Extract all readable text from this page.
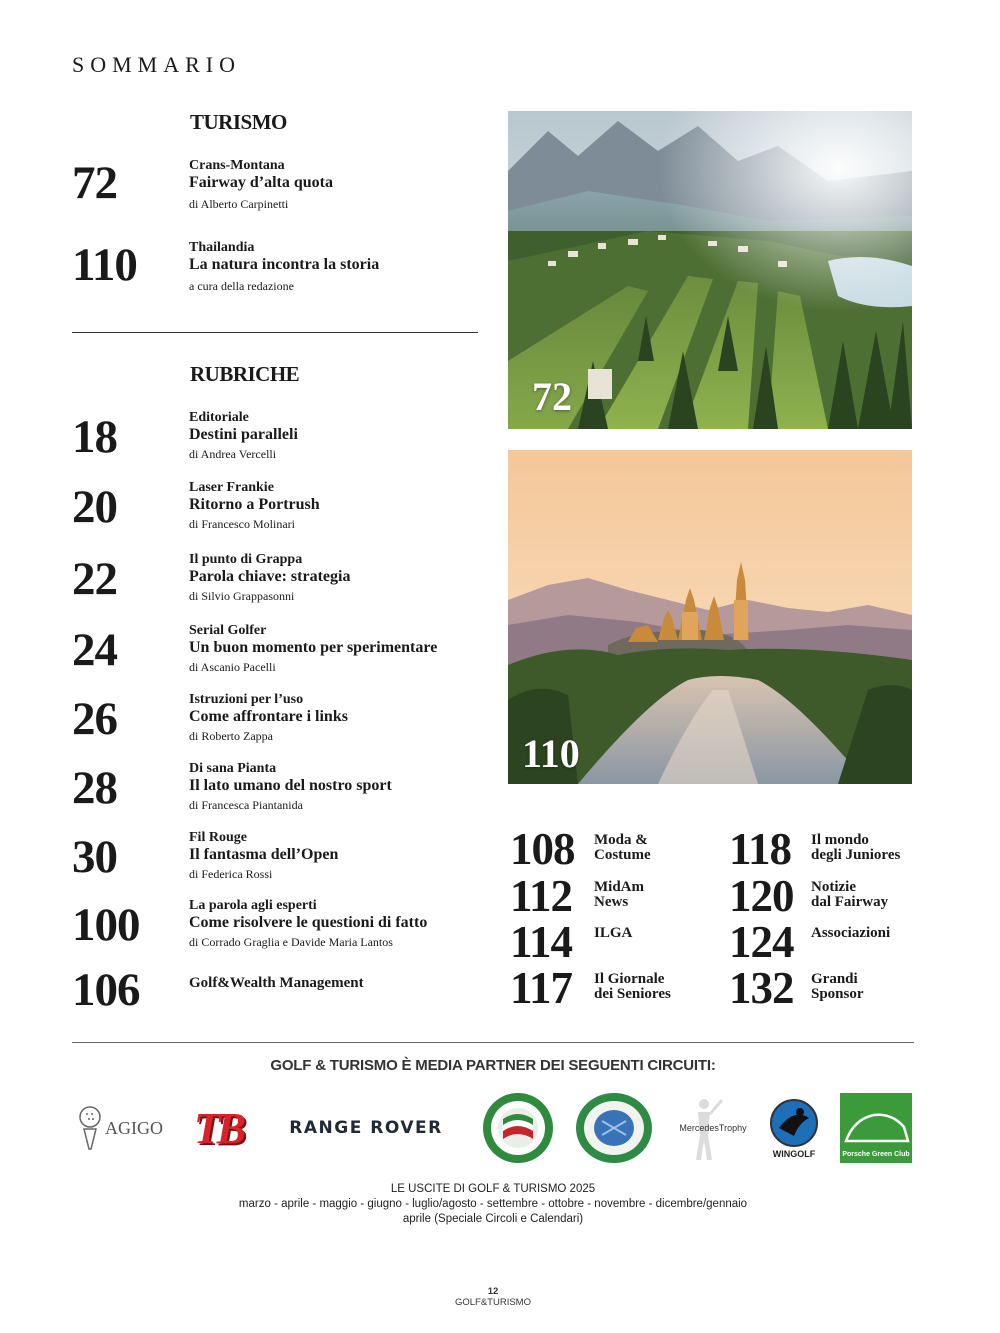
SOMMARIO
TURISMO
72	Crans-Montana
Fairway d’alta quota
di Alberto Carpinetti
110	Thailandia
La natura incontra la storia
a cura della redazione
RUBRICHE
18	Editoriale
Destini paralleli
di Andrea Vercelli
20	Laser Frankie
Ritorno a Portrush
di Francesco Molinari
22	Il punto di Grappa
Parola chiave: strategia
di Silvio Grappasonni
24	Serial Golfer
Un buon momento per sperimentare
di Ascanio Pacelli
26	Istruzioni per l’uso
Come affrontare i links
di Roberto Zappa
28	Di sana Pianta
Il lato umano del nostro sport
di Francesca Piantanida
30	Fil Rouge
Il fantasma dell’Open
di Federica Rossi
100	La parola agli esperti
Come risolvere le questioni di fatto
di Corrado Graglia e Davide Maria Lantos
106	Golf&Wealth Management
72
110
108 Moda &
Costume
112 MidAm
News
114 ILGA
117 Il Giornale
dei Seniores
118 Il mondo
degli Juniores
120 Notizie
dal Fairway
124 Associazioni
132 Grandi
Sponsor
GOLF & TURISMO È MEDIA PARTNER DEI SEGUENTI CIRCUITI:
AGIGO TB	RANGE ROVER	MercedesTrophy
WINGOLF	Porsche Green Club
LE USCITE DI GOLF & TURISMO 2025
marzo - aprile - maggio - giugno - luglio/agosto - settembre - ottobre - novembre - dicembre/gennaio
aprile (Speciale Circoli e Calendari)
12
GOLF&TURISMO
